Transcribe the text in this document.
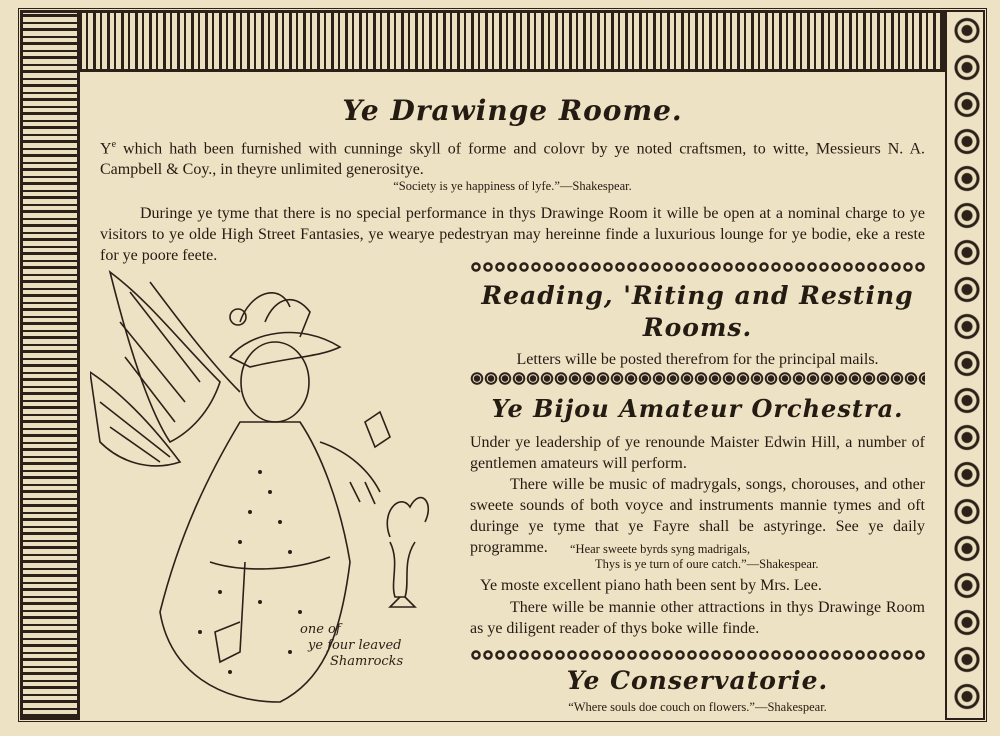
Ye Drawinge Roome.
$Y^e$ which hath been furnished with cunninge skyll of forme and colovr by ye noted craftsmen, to witte, Messieurs N. A. Campbell & Coy., in theyre unlimited generositye.
“Society is ye happiness of lyfe.”—Shakespear.
Duringe ye tyme that there is no special performance in thys Drawinge Room it wille be open at a nominal charge to ye visitors to ye olde High Street Fantasies, ye wearye pedestryan may hereinne finde a luxurious lounge for ye bodie, eke a reste for ye poore feete.
Reading, 'Riting and Resting Rooms.
Letters wille be posted therefrom for the principal mails.
Ye Bijou Amateur Orchestra.
Under ye leadership of ye renounde Maister Edwin Hill, a number of gentlemen amateurs will perform.
There wille be music of madrygals, songs, chorouses, and other sweete sounds of both voyce and instruments mannie tymes and oft duringe ye tyme that ye Fayre shall be astyringe. See ye daily programme.	“Hear sweete byrds syng madrigals,
Thys is ye turn of oure catch.”—Shakespear.
Ye moste excellent piano hath been sent by Mrs. Lee.
There wille be mannie other attractions in thys Drawinge Room as ye diligent reader of thys boke wille finde.
Ye Conservatorie.
“Where souls doe couch on flowers.”—Shakespear.
one of
ye four leaved
Shamrocks
